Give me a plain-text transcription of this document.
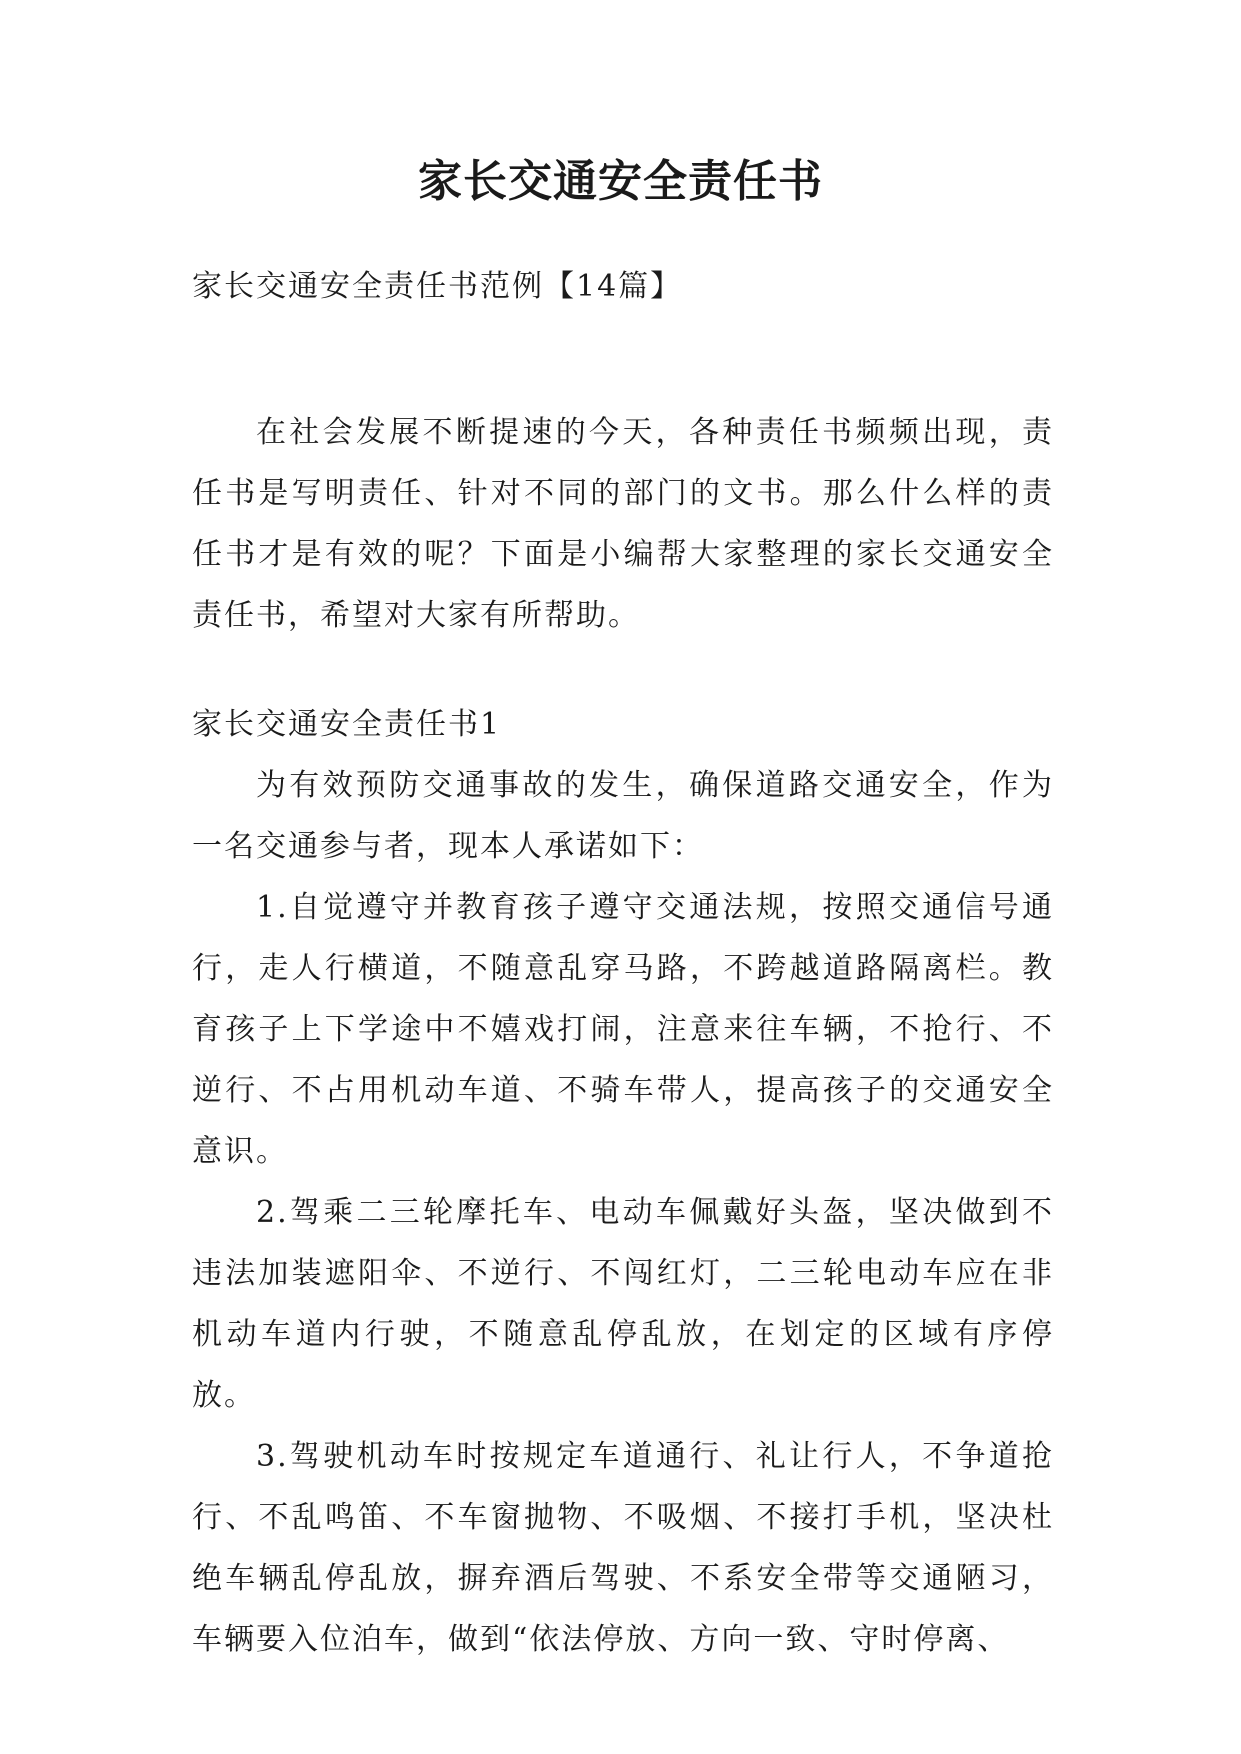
家长交通安全责任书

家长交通安全责任书范例【14篇】

在社会发展不断提速的今天，各种责任书频频出现，责任书是写明责任、针对不同的部门的文书。那么什么样的责任书才是有效的呢？下面是小编帮大家整理的家长交通安全责任书，希望对大家有所帮助。

家长交通安全责任书1

为有效预防交通事故的发生，确保道路交通安全，作为一名交通参与者，现本人承诺如下：

1.自觉遵守并教育孩子遵守交通法规，按照交通信号通行，走人行横道，不随意乱穿马路，不跨越道路隔离栏。教育孩子上下学途中不嬉戏打闹，注意来往车辆，不抢行、不逆行、不占用机动车道、不骑车带人，提高孩子的交通安全意识。

2.驾乘二三轮摩托车、电动车佩戴好头盔，坚决做到不违法加装遮阳伞、不逆行、不闯红灯，二三轮电动车应在非机动车道内行驶，不随意乱停乱放，在划定的区域有序停放。

3.驾驶机动车时按规定车道通行、礼让行人，不争道抢行、不乱鸣笛、不车窗抛物、不吸烟、不接打手机，坚决杜绝车辆乱停乱放，摒弃酒后驾驶、不系安全带等交通陋习，车辆要入位泊车，做到“依法停放、方向一致、守时停离、
